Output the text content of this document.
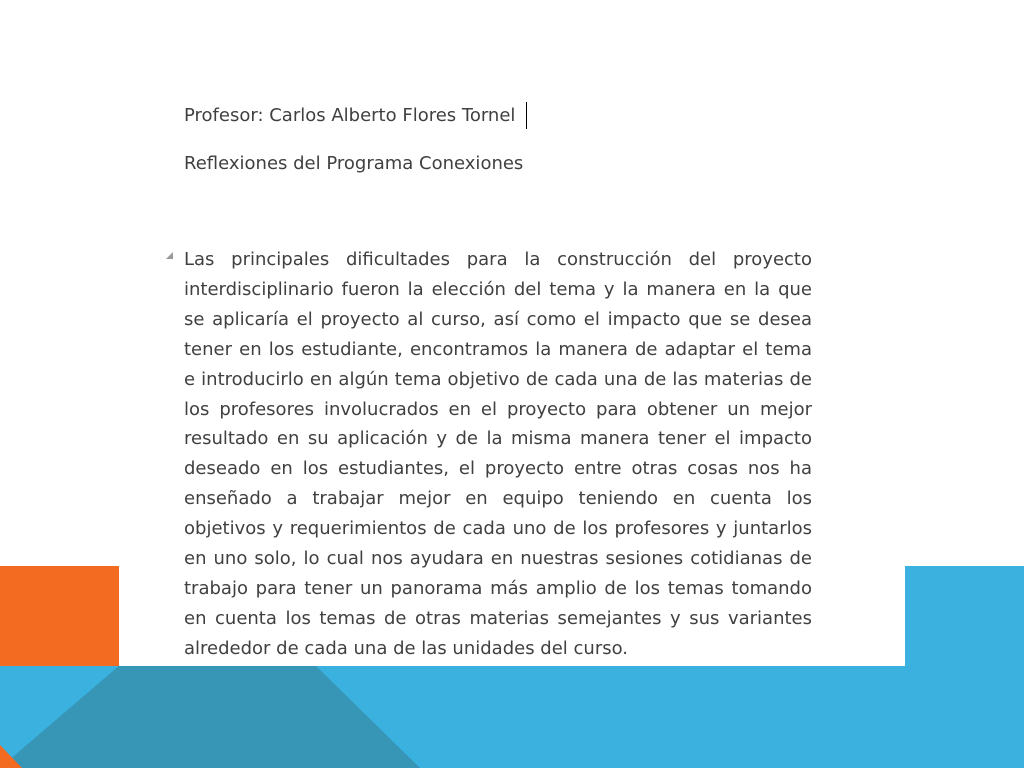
Profesor: Carlos Alberto Flores Tornel

Reflexiones del Programa Conexiones

Las principales dificultades para la construcción del proyecto interdisciplinario fueron la elección del tema y la manera en la que se aplicaría el proyecto al curso, así como el impacto que se desea tener en los estudiante, encontramos la manera de adaptar el tema e introducirlo en algún tema objetivo de cada una de las materias de los profesores involucrados en el proyecto para obtener un mejor resultado en su aplicación y de la misma manera tener el impacto deseado en los estudiantes, el proyecto entre otras cosas nos ha enseñado a trabajar mejor en equipo teniendo en cuenta los objetivos y requerimientos de cada uno de los profesores y juntarlos en uno solo, lo cual nos ayudara en nuestras sesiones cotidianas de trabajo para tener un panorama más amplio de los temas tomando en cuenta los temas de otras materias semejantes y sus variantes alrededor de cada una de las unidades del curso.
